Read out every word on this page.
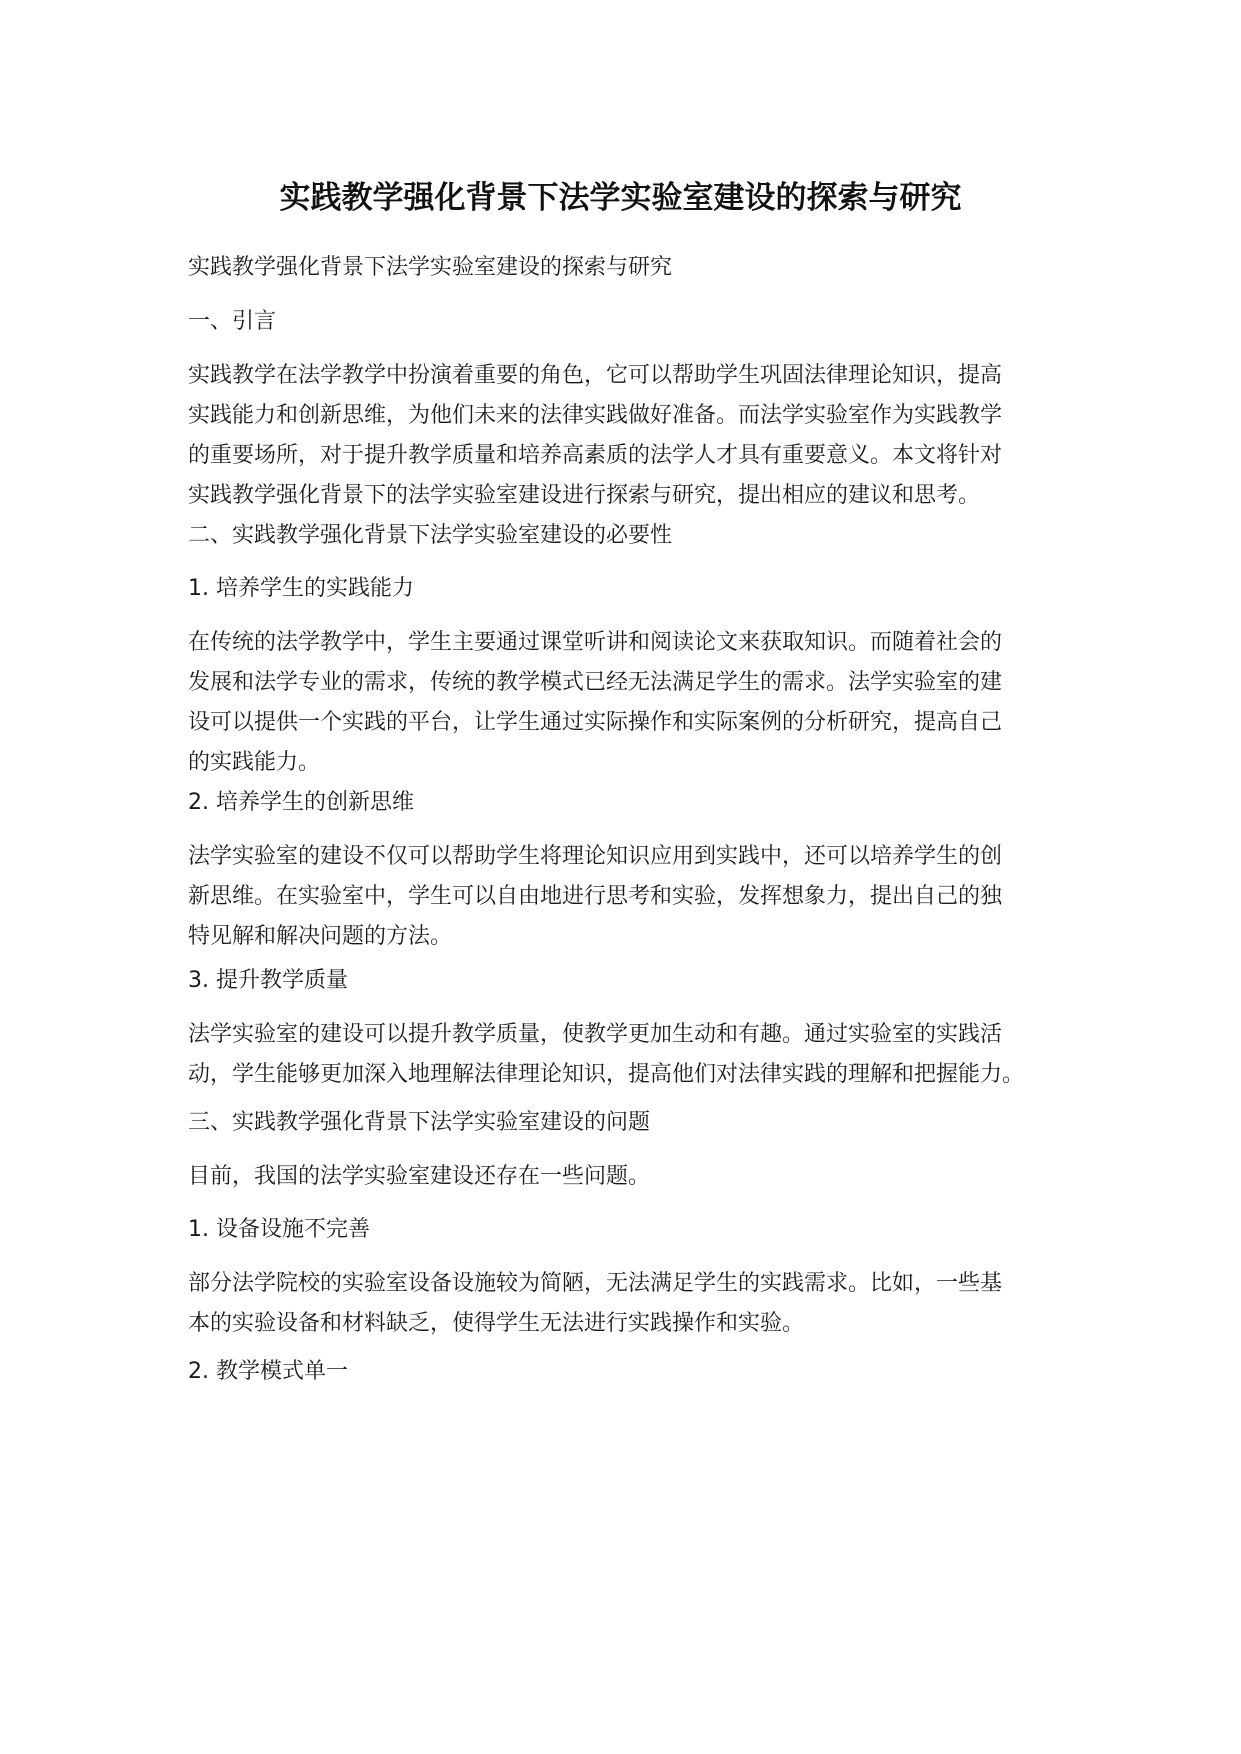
实践教学强化背景下法学实验室建设的探索与研究

实践教学强化背景下法学实验室建设的探索与研究

一、引言

实践教学在法学教学中扮演着重要的角色，它可以帮助学生巩固法律理论知识，提高
实践能力和创新思维，为他们未来的法律实践做好准备。而法学实验室作为实践教学
的重要场所，对于提升教学质量和培养高素质的法学人才具有重要意义。本文将针对
实践教学强化背景下的法学实验室建设进行探索与研究，提出相应的建议和思考。

二、实践教学强化背景下法学实验室建设的必要性

1. 培养学生的实践能力

在传统的法学教学中，学生主要通过课堂听讲和阅读论文来获取知识。而随着社会的
发展和法学专业的需求，传统的教学模式已经无法满足学生的需求。法学实验室的建
设可以提供一个实践的平台，让学生通过实际操作和实际案例的分析研究，提高自己
的实践能力。

2. 培养学生的创新思维

法学实验室的建设不仅可以帮助学生将理论知识应用到实践中，还可以培养学生的创
新思维。在实验室中，学生可以自由地进行思考和实验，发挥想象力，提出自己的独
特见解和解决问题的方法。

3. 提升教学质量

法学实验室的建设可以提升教学质量，使教学更加生动和有趣。通过实验室的实践活
动，学生能够更加深入地理解法律理论知识，提高他们对法律实践的理解和把握能力。

三、实践教学强化背景下法学实验室建设的问题

目前，我国的法学实验室建设还存在一些问题。

1. 设备设施不完善

部分法学院校的实验室设备设施较为简陋，无法满足学生的实践需求。比如，一些基
本的实验设备和材料缺乏，使得学生无法进行实践操作和实验。

2. 教学模式单一
